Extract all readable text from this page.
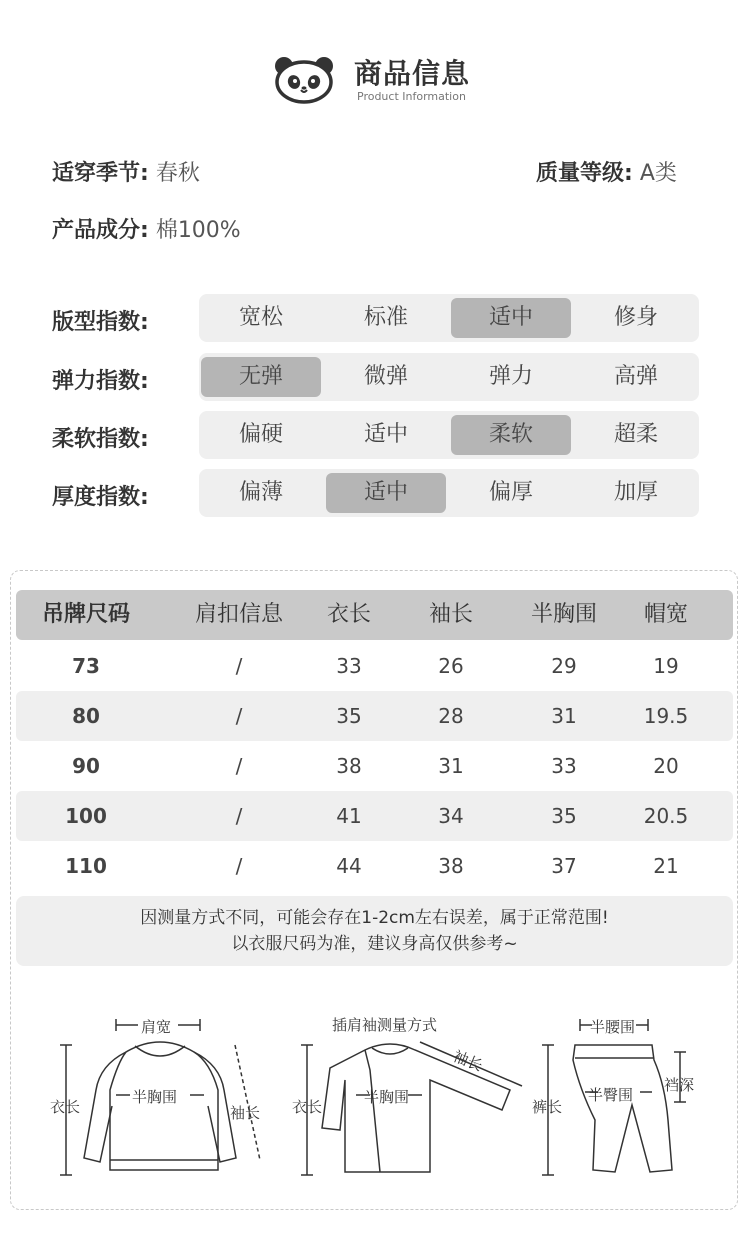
商品信息
Product Information
适穿季节: 春秋	质量等级: A类
产品成分: 棉100%
版型指数:	宽松	标准	适中	修身
弹力指数:	无弹	微弹	弹力	高弹
柔软指数:	偏硬	适中	柔软	超柔
厚度指数:	偏薄	适中	偏厚	加厚
吊牌尺码	肩扣信息	衣长	袖长	半胸围	帽宽
73	/	33	26	29	19
80	/	35	28	31	19.5
90	/	38	31	33	20
100	/	41	34	35	20.5
110	/	44	38	37	21
因测量方式不同，可能会存在1-2cm左右误差，属于正常范围!
以衣服尺码为准，建议身高仅供参考~
肩宽
半胸围
衣长	袖长
插肩袖测量方式
半胸围
衣长
袖长
半腰围
半臀围
裤长
裆深
